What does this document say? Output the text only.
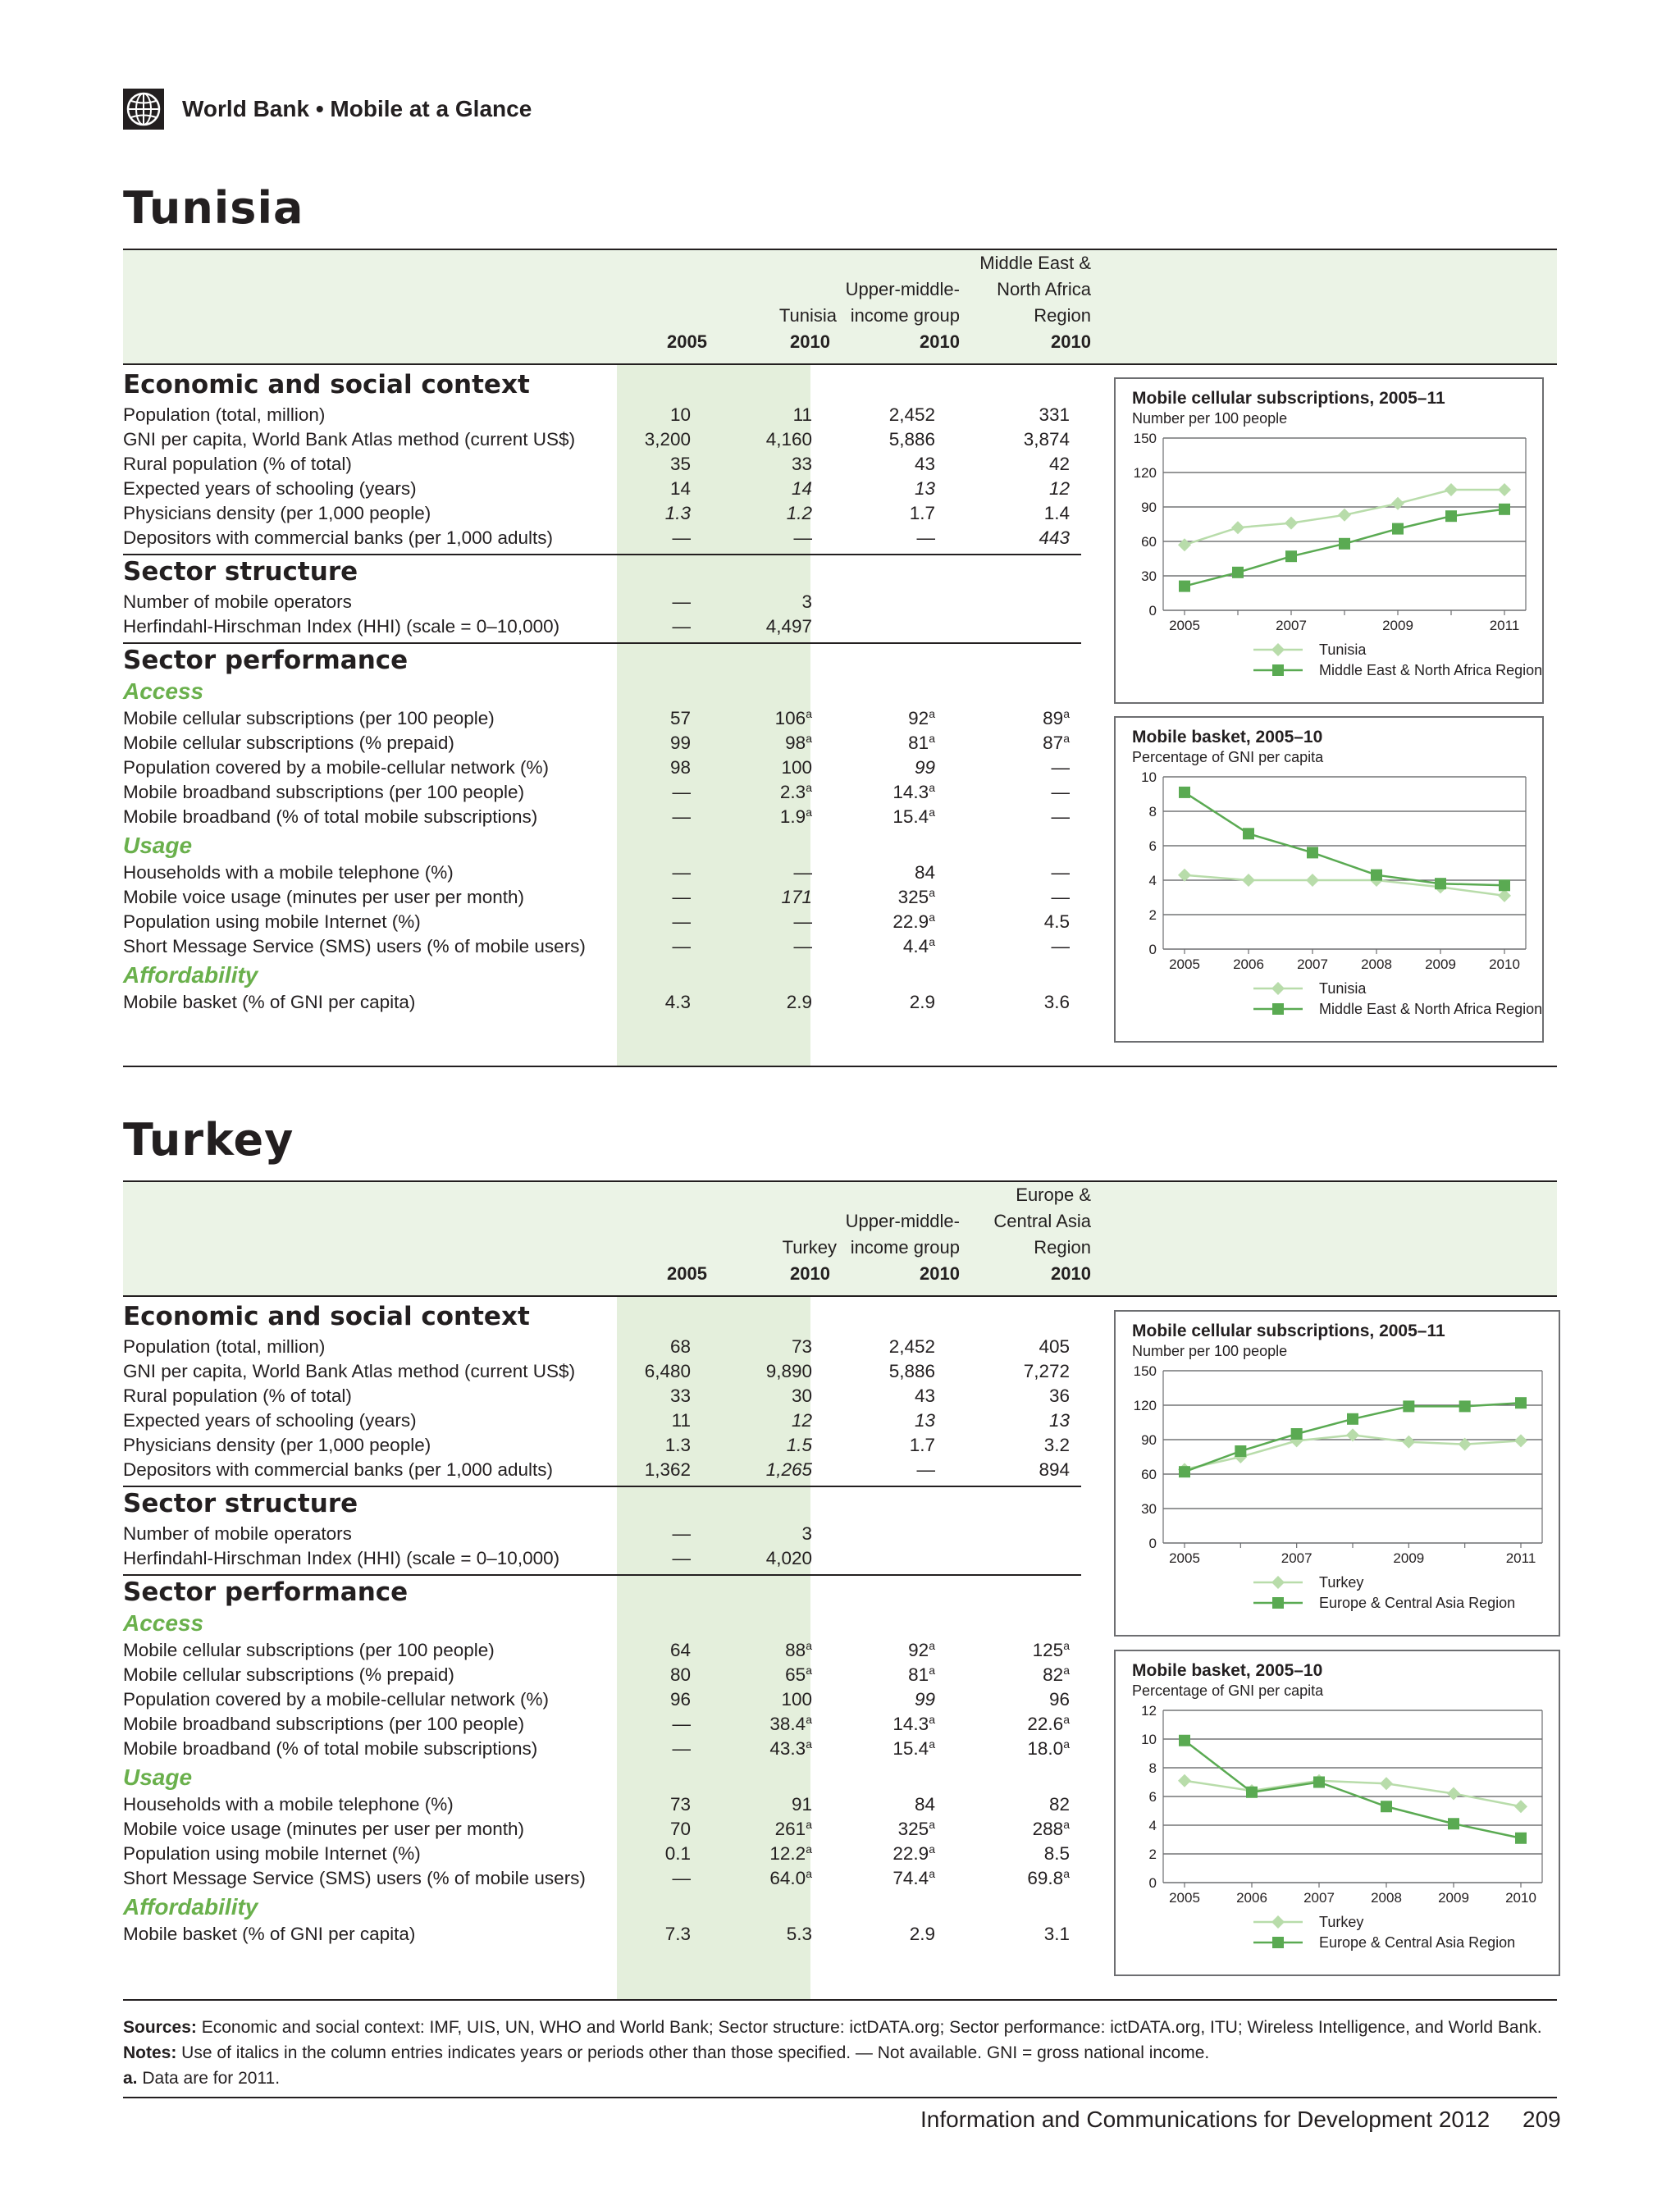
World Bank • Mobile at a Glance
Tunisia
Tunisia
2005	2010
Upper-middle-
income group
2010
Middle East &
North Africa
Region
2010
Economic and social context
Population (total, million)	10	11	2,452	331
GNI per capita, World Bank Atlas method (current US$)	3,200	4,160	5,886	3,874
Rural population (% of total)	35	33	43	42
Expected years of schooling (years)	14	14	13	12
Physicians density (per 1,000 people)	1.3	1.2	1.7	1.4
Depositors with commercial banks (per 1,000 adults)	—	—	—	443
Sector structure
Number of mobile operators	—	3
Herfindahl-Hirschman Index (HHI) (scale = 0–10,000)	—	4,497
Sector performance
Access
Mobile cellular subscriptions (per 100 people)	57	106$^a$	92$^a$	89$^a$
Mobile cellular subscriptions (% prepaid)	99	98$^a$	81$^a$	87$^a$
Population covered by a mobile-cellular network (%)	98	100	99	—
Mobile broadband subscriptions (per 100 people)	—	2.3$^a$	14.3$^a$	—
Mobile broadband (% of total mobile subscriptions)	—	1.9$^a$	15.4$^a$	—
Usage
Households with a mobile telephone (%)	—	—	84	—
Mobile voice usage (minutes per user per month)	—	171	325$^a$	—
Population using mobile Internet (%)	—	—	22.9$^a$	4.5
Short Message Service (SMS) users (% of mobile users)	—	—	4.4$^a$	—
Affordability
Mobile basket (% of GNI per capita)	4.3	2.9	2.9	3.6
0
30
60
90
120
150
2005	2007	2009	2011
Tunisia
Middle East & North Africa Region
Mobile cellular subscriptions, 2005–11
Number per 100 people
0
2
4
6
8
10
2005 2006 2007 2008 2009 2010
Tunisia
Middle East & North Africa Region
Mobile basket, 2005–10
Percentage of GNI per capita
Turkey
Turkey
2005	2010
Upper-middle-
income group
2010
Europe &
Central Asia
Region
2010
Economic and social context
Population (total, million)	68	73	2,452	405
GNI per capita, World Bank Atlas method (current US$)	6,480	9,890	5,886	7,272
Rural population (% of total)	33	30	43	36
Expected years of schooling (years)	11	12	13	13
Physicians density (per 1,000 people)	1.3	1.5	1.7	3.2
Depositors with commercial banks (per 1,000 adults)	1,362	1,265	—	894
Sector structure
Number of mobile operators	—	3
Herfindahl-Hirschman Index (HHI) (scale = 0–10,000)	—	4,020
Sector performance
Access
Mobile cellular subscriptions (per 100 people)	64	88$^a$	92$^a$	125$^a$
Mobile cellular subscriptions (% prepaid)	80	65$^a$	81$^a$	82$^a$
Population covered by a mobile-cellular network (%)	96	100	99	96
Mobile broadband subscriptions (per 100 people)	—	38.4$^a$	14.3$^a$	22.6$^a$
Mobile broadband (% of total mobile subscriptions)	—	43.3$^a$	15.4$^a$	18.0$^a$
Usage
Households with a mobile telephone (%)	73	91	84	82
Mobile voice usage (minutes per user per month)	70	261$^a$	325$^a$	288$^a$
Population using mobile Internet (%)	0.1	12.2$^a$	22.9$^a$	8.5
Short Message Service (SMS) users (% of mobile users)	—	64.0$^a$	74.4$^a$	69.8$^a$
Affordability
Mobile basket (% of GNI per capita)	7.3	5.3	2.9	3.1
0
30
60
90
120
150
2005	2007	2009	2011
Turkey
Europe & Central Asia Region
Mobile cellular subscriptions, 2005–11
Number per 100 people
0
2
4
6
8
10
12
2005	2006	2007	2008	2009	2010
Turkey
Europe & Central Asia Region
Mobile basket, 2005–10
Percentage of GNI per capita
Sources: Economic and social context: IMF, UIS, UN, WHO and World Bank; Sector structure: ictDATA.org; Sector performance: ictDATA.org, ITU; Wireless Intelligence, and World Bank.
Notes: Use of italics in the column entries indicates years or periods other than those specified. — Not available. GNI = gross national income.
a. Data are for 2011.
Information and Communications for Development 2012 209
